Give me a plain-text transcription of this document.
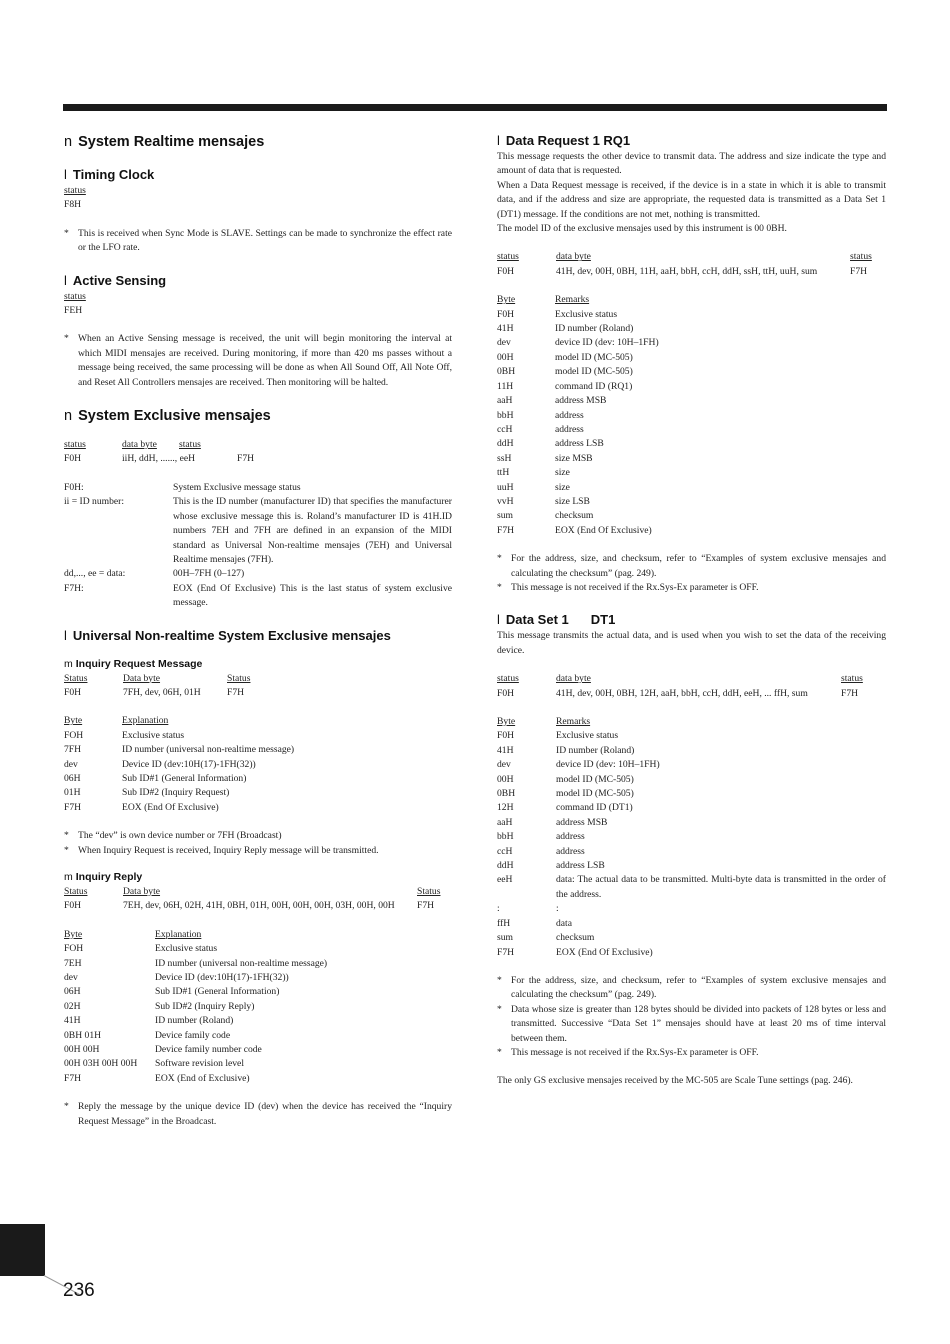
n System Realtime mensajes
l Timing Clock
status
F8H
* This is received when Sync Mode is SLAVE. Settings can be made to synchronize the effect rate or the LFO rate.
l Active Sensing
status
FEH
* When an Active Sensing message is received, the unit will begin monitoring the interval at which MIDI mensajes are received. During monitoring, if more than 420 ms passes without a message being received, the same processing will be done as when All Sound Off, All Note Off, and Reset All Controllers mensajes are received. Then monitoring will be halted.
n System Exclusive mensajes
status	data byte	status
F0H	iiH, ddH, ......, eeH	F7H
F0H:	System Exclusive message status
ii = ID number:	This is the ID number (manufacturer ID) that specifies the manufacturer whose exclusive message this is. Roland’s manufacturer ID is 41H.ID numbers 7EH and 7FH are defined in an expansion of the MIDI standard as Universal Non-realtime mensajes (7EH) and Universal Realtime mensajes (7FH).
dd,..., ee = data:	00H–7FH (0–127)
F7H:	EOX (End Of Exclusive) This is the last status of system exclusive message.
l Universal Non-realtime System Exclusive mensajes
m Inquiry Request Message
Status	Data byte	Status
F0H	7FH, dev, 06H, 01H	F7H
Byte	Explanation
FOH	Exclusive status
7FH	ID number (universal non-realtime message)
dev	Device ID (dev:10H(17)-1FH(32))
06H	Sub ID#1 (General Information)
01H	Sub ID#2 (Inquiry Request)
F7H	EOX (End Of Exclusive)
* The “dev” is own device number or 7FH (Broadcast)
* When Inquiry Request is received, Inquiry Reply message will be transmitted.
m Inquiry Reply
Status	Data byte	Status
F0H	7EH, dev, 06H, 02H, 41H, 0BH, 01H, 00H, 00H, 00H, 03H, 00H, 00H	F7H
Byte	Explanation
FOH	Exclusive status
7EH	ID number (universal non-realtime message)
dev	Device ID (dev:10H(17)-1FH(32))
06H	Sub ID#1 (General Information)
02H	Sub ID#2 (Inquiry Reply)
41H	ID number (Roland)
0BH 01H	Device family code
00H 00H	Device family number code
00H 03H 00H 00H	Software revision level
F7H	EOX (End of Exclusive)
* Reply the message by the unique device ID (dev) when the device has received the “Inquiry Request Message” in the Broadcast.
l Data Request 1 RQ1

This message requests the other device to transmit data. The address and size indicate the type and amount of data that is requested.

When a Data Request message is received, if the device is in a state in which it is able to transmit data, and if the address and size are appropriate, the requested data is transmitted as a Data Set 1 (DT1) message. If the conditions are not met, nothing is transmitted.

The model ID of the exclusive mensajes used by this instrument is 00 0BH.

status	data byte	status
F0H	41H, dev, 00H, 0BH, 11H, aaH, bbH, ccH, ddH, ssH, ttH, uuH, sum	F7H
Byte	Remarks
F0H	Exclusive status
41H	ID number (Roland)
dev	device ID (dev: 10H–1FH)
00H	model ID (MC-505)
0BH	model ID (MC-505)
11H	command ID (RQ1)
aaH	address MSB
bbH	address
ccH	address
ddH	address LSB
ssH	size MSB
ttH	size
uuH	size
vvH	size LSB
sum	checksum
F7H	EOX (End Of Exclusive)
* For the address, size, and checksum, refer to “Examples of system exclusive mensajes and calculating the checksum” (pag. 249).
* This message is not received if the Rx.Sys-Ex parameter is OFF.
l Data Set 1 DT1

This message transmits the actual data, and is used when you wish to set the data of the receiving device.

status	data byte	status
F0H	41H, dev, 00H, 0BH, 12H, aaH, bbH, ccH, ddH, eeH, ... ffH, sum	F7H
Byte	Remarks
F0H	Exclusive status
41H	ID number (Roland)
dev	device ID (dev: 10H–1FH)
00H	model ID (MC-505)
0BH	model ID (MC-505)
12H	command ID (DT1)
aaH	address MSB
bbH	address
ccH	address
ddH	address LSB
eeH	data: The actual data to be transmitted. Multi-byte data is transmitted in the order of the address.
:	:
ffH	data
sum	checksum
F7H	EOX (End Of Exclusive)
* For the address, size, and checksum, refer to “Examples of system exclusive mensajes and calculating the checksum” (pag. 249).
* Data whose size is greater than 128 bytes should be divided into packets of 128 bytes or less and transmitted. Successive “Data Set 1” mensajes should have at least 20 ms of time interval between them.
* This message is not received if the Rx.Sys-Ex parameter is OFF.

The only GS exclusive mensajes received by the MC-505 are Scale Tune settings (pag. 246).

236
